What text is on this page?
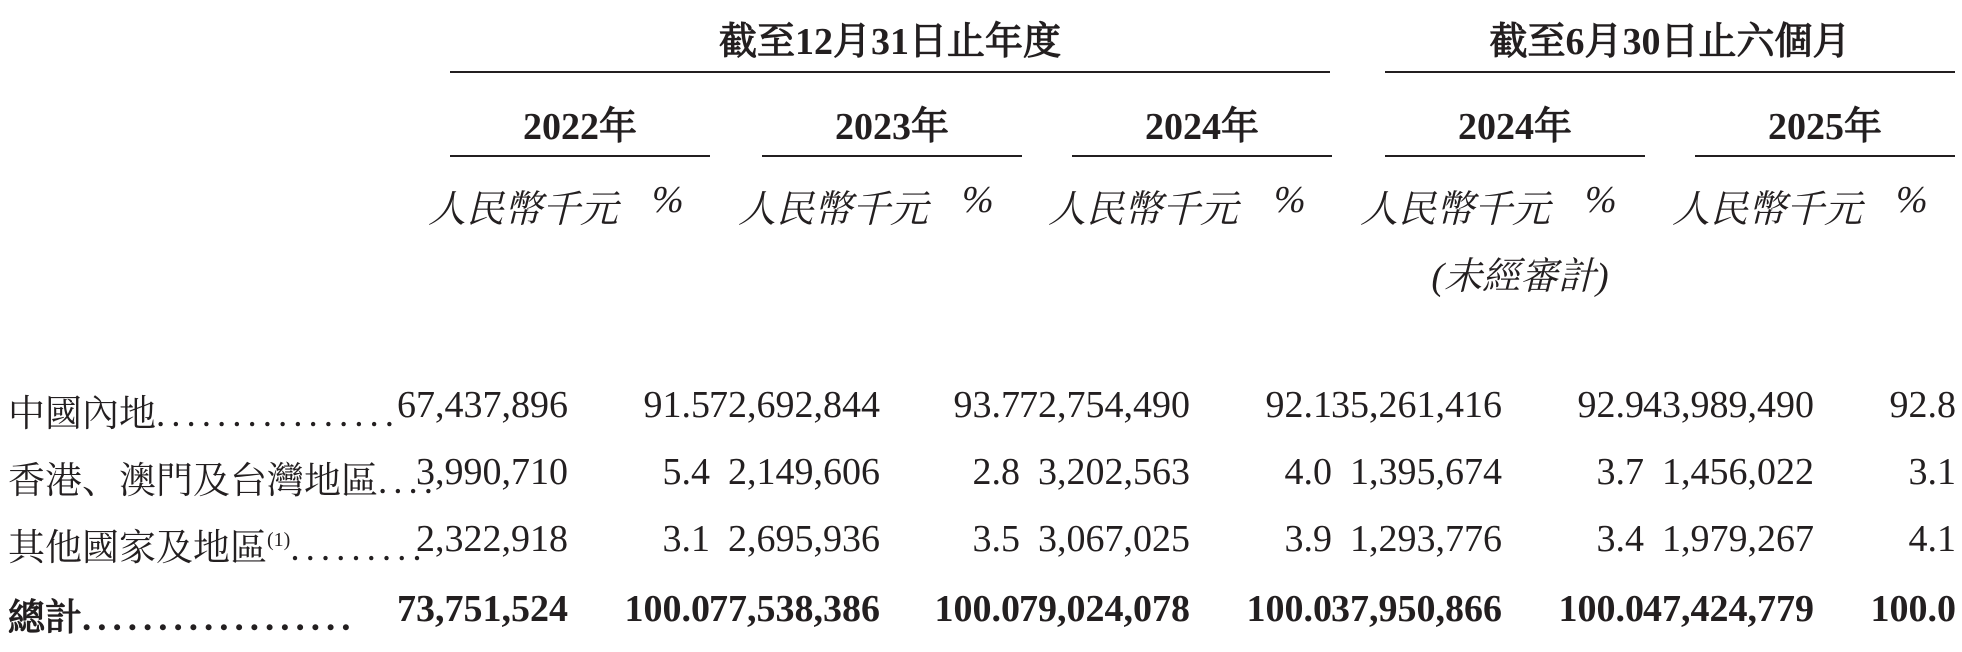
截至12月31日止年度	截至6月30日止六個月
2022年	2023年	2024年	2024年	2025年
人民幣千元 % 人民幣千元 % 人民幣千元 % 人民幣千元 % 人民幣千元 %
(未經審計)
中國內地................
67,437,896 91.5 72,692,844 93.7 72,754,490 92.1 35,261,416 92.9 43,989,490 92.8
香港、澳門及台灣地區....
3,990,710 5.4 2,149,606 2.8 3,202,563 4.0 1,395,674 3.7 1,456,022 3.1
其他國家及地區$^{(1)}$.........
2,322,918 3.1 2,695,936 3.5 3,067,025 3.9 1,293,776 3.4 1,979,267 4.1
總計.................. 73,751,524 100.0 77,538,386 100.0 79,024,078 100.0 37,950,866 100.0 47,424,779 100.0
